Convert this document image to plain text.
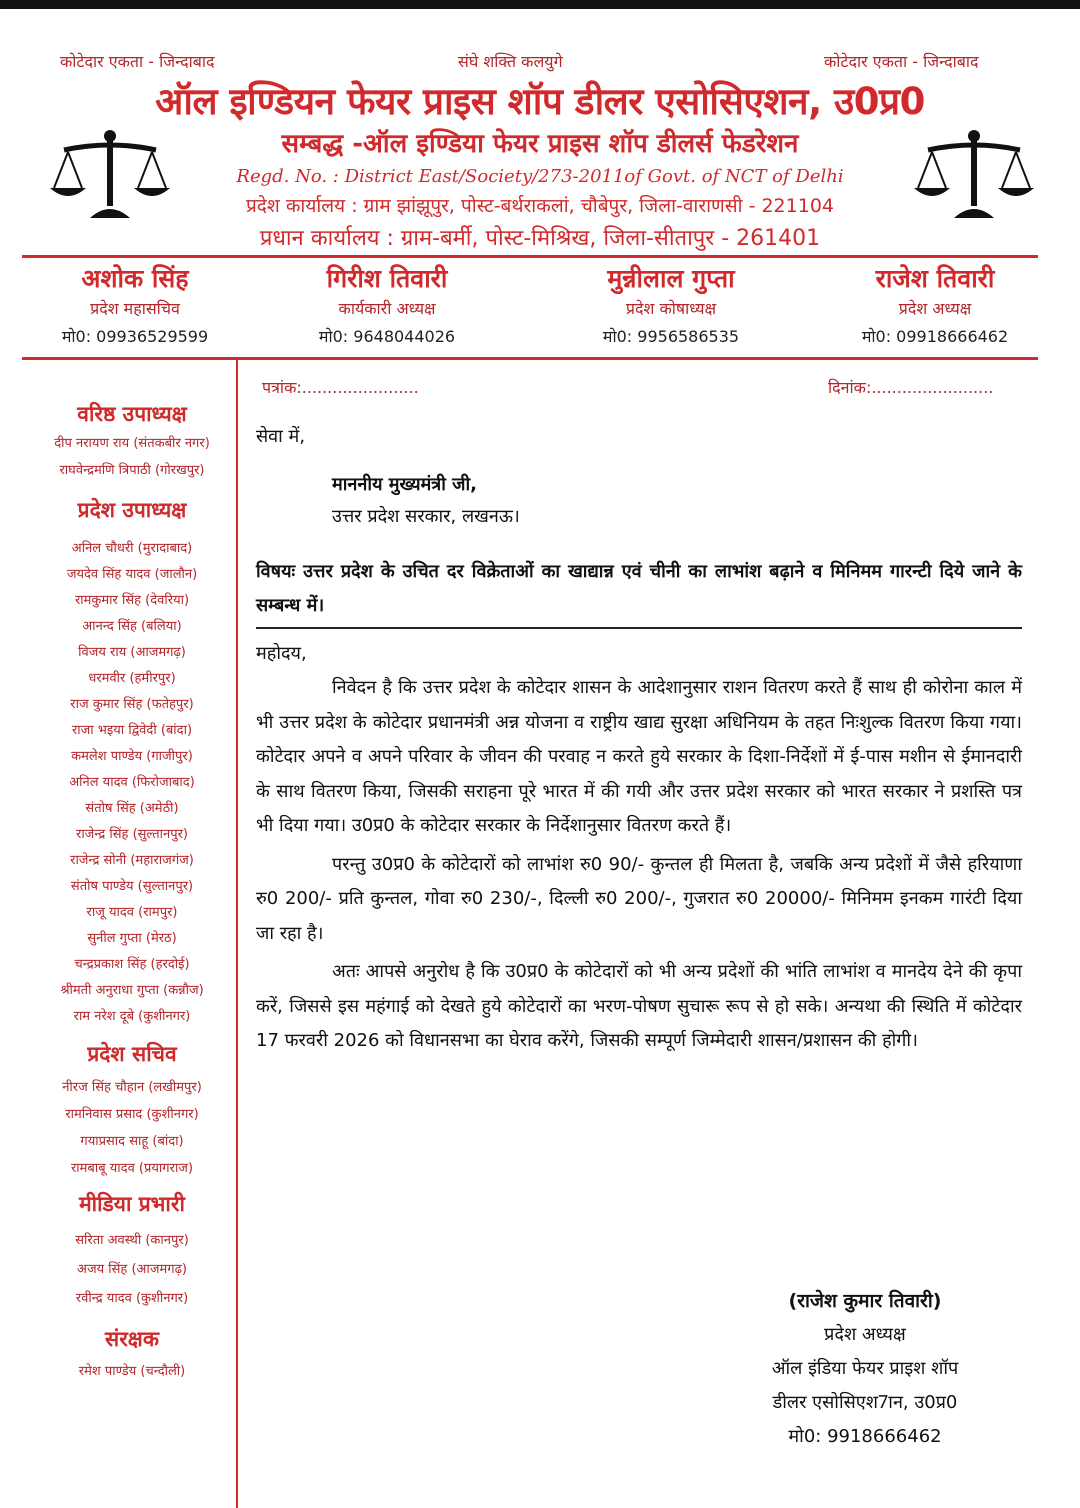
कोटेदार एकता - जिन्दाबाद	संघे शक्ति कलयुगे	कोटेदार एकता - जिन्दाबाद
ऑल इण्डियन फेयर प्राइस शॉप डीलर एसोसिएशन, उ0प्र0
सम्बद्ध -ऑल इण्डिया फेयर प्राइस शॉप डीलर्स फेडरेशन
Regd. No. : District East/Society/273-2011of Govt. of NCT of Delhi
प्रदेश कार्यालय : ग्राम झांझूपुर, पोस्ट-बर्थराकलां, चौबेपुर, जिला-वाराणसी - 221104
प्रधान कार्यालय : ग्राम-बर्मी, पोस्ट-मिश्रिख, जिला-सीतापुर - 261401
अशोक सिंह
प्रदेश महासचिव
मो0: 09936529599
गिरीश तिवारी
कार्यकारी अध्यक्ष
मो0: 9648044026
मुन्नीलाल गुप्ता
प्रदेश कोषाध्यक्ष
मो0: 9956586535
राजेश तिवारी
प्रदेश अध्यक्ष
मो0: 09918666462
पत्रांक:.......................	दिनांक:........................
वरिष्ठ उपाध्यक्ष
दीप नरायण राय (संतकबीर नगर)
राघवेन्द्रमणि त्रिपाठी (गोरखपुर)
प्रदेश उपाध्यक्ष
अनिल चौधरी (मुरादाबाद)
जयदेव सिंह यादव (जालौन)
रामकुमार सिंह (देवरिया)
आनन्द सिंह (बलिया)
विजय राय (आजमगढ़)
धरमवीर (हमीरपुर)
राज कुमार सिंह (फतेहपुर)
राजा भइया द्विवेदी (बांदा)
कमलेश पाण्डेय (गाजीपुर)
अनिल यादव (फिरोजाबाद)
संतोष सिंह (अमेठी)
राजेन्द्र सिंह (सुल्तानपुर)
राजेन्द्र सोनी (महाराजगंज)
संतोष पाण्डेय (सुल्तानपुर)
राजू यादव (रामपुर)
सुनील गुप्ता (मेरठ)
चन्द्रप्रकाश सिंह (हरदोई)
श्रीमती अनुराधा गुप्ता (कन्नौज)
राम नरेश दूबे (कुशीनगर)
प्रदेश सचिव
नीरज सिंह चौहान (लखीमपुर)
रामनिवास प्रसाद (कुशीनगर)
गयाप्रसाद साहू (बांदा)
रामबाबू यादव (प्रयागराज)
मीडिया प्रभारी
सरिता अवस्थी (कानपुर)
अजय सिंह (आजमगढ़)
रवीन्द्र यादव (कुशीनगर)
संरक्षक
रमेश पाण्डेय (चन्दौली)
सेवा में,
माननीय मुख्यमंत्री जी,
उत्तर प्रदेश सरकार, लखनऊ।
विषयः उत्तर प्रदेश के उचित दर विक्रेताओं का खाद्यान्न एवं चीनी का लाभांश बढ़ाने व मिनिमम गारन्टी दिये जाने के सम्बन्ध में।
महोदय,

निवेदन है कि उत्तर प्रदेश के कोटेदार शासन के आदेशानुसार राशन वितरण करते हैं साथ ही कोरोना काल में भी उत्तर प्रदेश के कोटेदार प्रधानमंत्री अन्न योजना व राष्ट्रीय खाद्य सुरक्षा अधिनियम के तहत निःशुल्क वितरण किया गया। कोटेदार अपने व अपने परिवार के जीवन की परवाह न करते हुये सरकार के दिशा-निर्देशों में ई-पास मशीन से ईमानदारी के साथ वितरण किया, जिसकी सराहना पूरे भारत में की गयी और उत्तर प्रदेश सरकार को भारत सरकार ने प्रशस्ति पत्र भी दिया गया। उ0प्र0 के कोटेदार सरकार के निर्देशानुसार वितरण करते हैं।

परन्तु उ0प्र0 के कोटेदारों को लाभांश रु0 90/- कुन्तल ही मिलता है, जबकि अन्य प्रदेशों में जैसे हरियाणा रु0 200/- प्रति कुन्तल, गोवा रु0 230/-, दिल्ली रु0 200/-, गुजरात रु0 20000/- मिनिमम इनकम गारंटी दिया जा रहा है।

अतः आपसे अनुरोध है कि उ0प्र0 के कोटेदारों को भी अन्य प्रदेशों की भांति लाभांश व मानदेय देने की कृपा करें, जिससे इस महंगाई को देखते हुये कोटेदारों का भरण-पोषण सुचारू रूप से हो सके। अन्यथा की स्थिति में कोटेदार 17 फरवरी 2026 को विधानसभा का घेराव करेंगे, जिसकी सम्पूर्ण जिम्मेदारी शासन/प्रशासन की होगी।

(राजेश कुमार तिवारी)
प्रदेश अध्यक्ष
ऑल इंडिया फेयर प्राइश शॉप
डीलर एसोसिएश7ान, उ0प्र0
मो0: 9918666462
